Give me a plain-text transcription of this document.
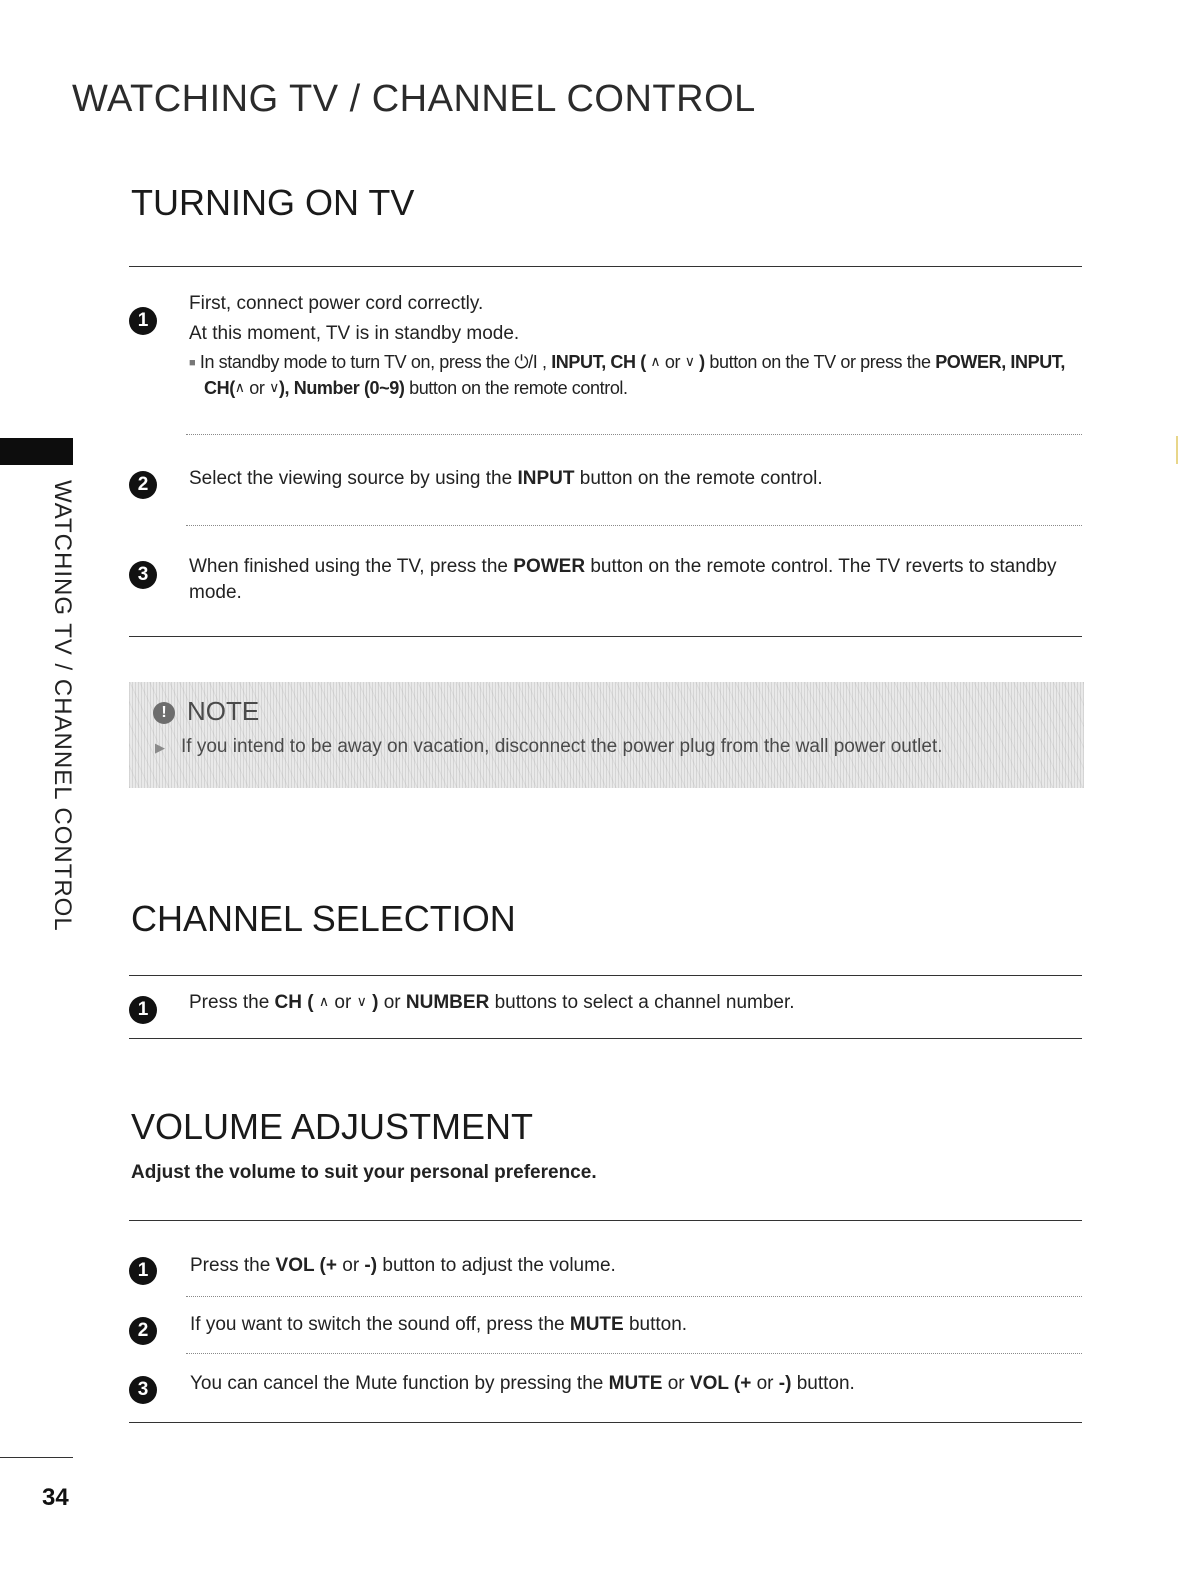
WATCHING TV / CHANNEL CONTROL
WATCHING TV / CHANNEL CONTROL
TURNING ON TV
1
First, connect power cord correctly.
At this moment, TV is in standby mode.
■ In standby mode to turn TV on, press the ⏻/I , INPUT, CH ( ∧ or ∨ ) button on the TV or press the POWER, INPUT,
CH(∧ or ∨), Number (0~9) button on the remote control.
2	Select the viewing source by using the INPUT button on the remote control.
3	When finished using the TV, press the POWER button on the remote control. The TV reverts to standby
mode.
! NOTE
▶ If you intend to be away on vacation, disconnect the power plug from the wall power outlet.
CHANNEL SELECTION
1	Press the CH ( ∧ or ∨ ) or NUMBER buttons to select a channel number.
VOLUME ADJUSTMENT
Adjust the volume to suit your personal preference.
1	Press the VOL (+ or -) button to adjust the volume.
2	If you want to switch the sound off, press the MUTE button.
3	You can cancel the Mute function by pressing the MUTE or VOL (+ or -) button.
34
